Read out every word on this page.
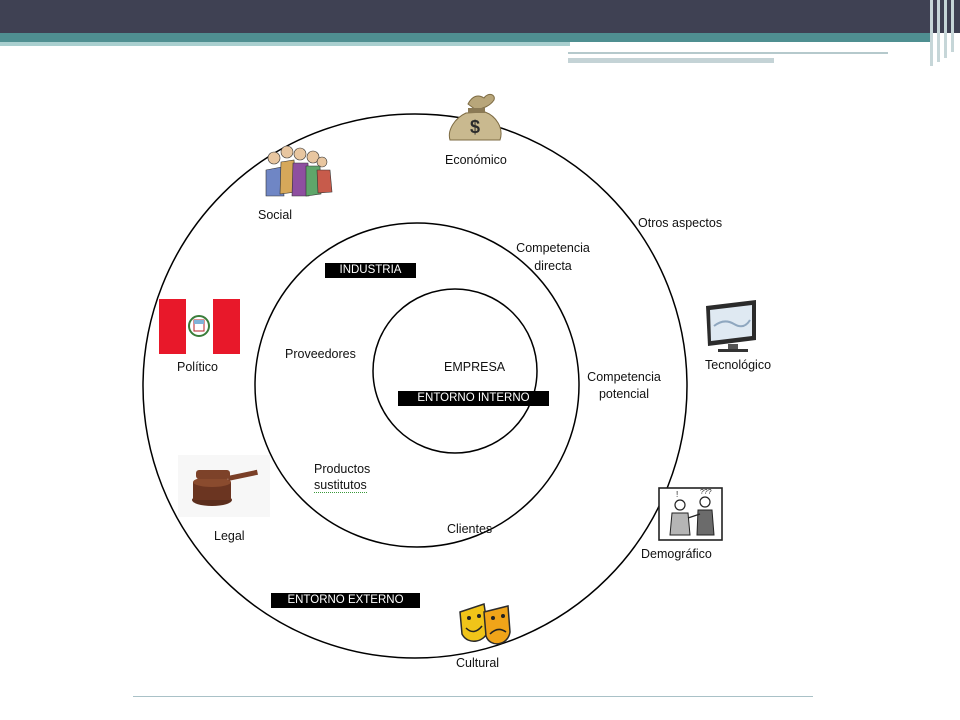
$
!	???
Económico
Social
Otros aspectos
Político	Tecnológico
Legal
Demográfico
Cultural
Competencia
directa
Proveedores
Competencia
potencial
Productos
sustitutos
Clientes
EMPRESA
INDUSTRIA
ENTORNO INTERNO
ENTORNO EXTERNO
